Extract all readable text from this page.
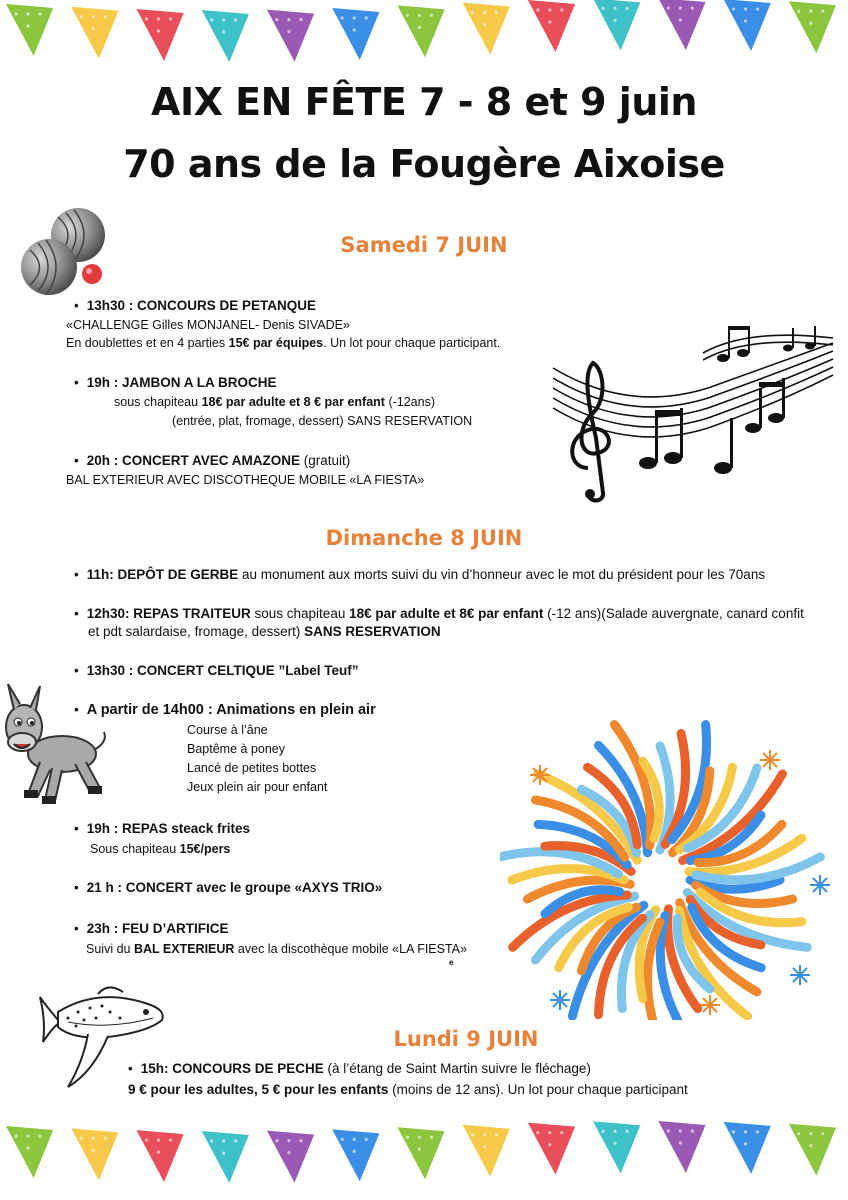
AIX EN FÊTE 7 - 8 et 9 juin
70 ans de la Fougère Aixoise
Samedi 7 JUIN
• 13h30 : CONCOURS DE PETANQUE
«CHALLENGE Gilles MONJANEL- Denis SIVADE»
En doublettes et en 4 parties 15€ par équipes. Un lot pour chaque participant.
• 19h : JAMBON A LA BROCHE
sous chapiteau 18€ par adulte et 8 € par enfant (-12ans)
(entrée, plat, fromage, dessert) SANS RESERVATION
• 20h : CONCERT AVEC AMAZONE (gratuit)
BAL EXTERIEUR AVEC DISCOTHEQUE MOBILE «LA FIESTA»
Dimanche 8 JUIN
• 11h: DEPÔT DE GERBE au monument aux morts suivi du vin d’honneur avec le mot du président pour les 70ans
• 12h30: REPAS TRAITEUR sous chapiteau 18€ par adulte et 8€ par enfant (-12 ans)(Salade auvergnate, canard confit
et pdt salardaise, fromage, dessert) SANS RESERVATION
• 13h30 : CONCERT CELTIQUE ”Label Teuf”
• A partir de 14h00 : Animations en plein air
Course à l’âne
Baptême à poney
Lancé de petites bottes
Jeux plein air pour enfant
• 19h : REPAS steack frites
Sous chapiteau 15€/pers
• 21 h : CONCERT avec le groupe «AXYS TRIO»
• 23h : FEU D’ARTIFICE
Suivi du BAL EXTERIEUR avec la discothèque mobile «LA FIESTA»
e
Lundi 9 JUIN
• 15h: CONCOURS DE PECHE (à l’étang de Saint Martin suivre le fléchage)
9 € pour les adultes, 5 € pour les enfants (moins de 12 ans). Un lot pour chaque participant
